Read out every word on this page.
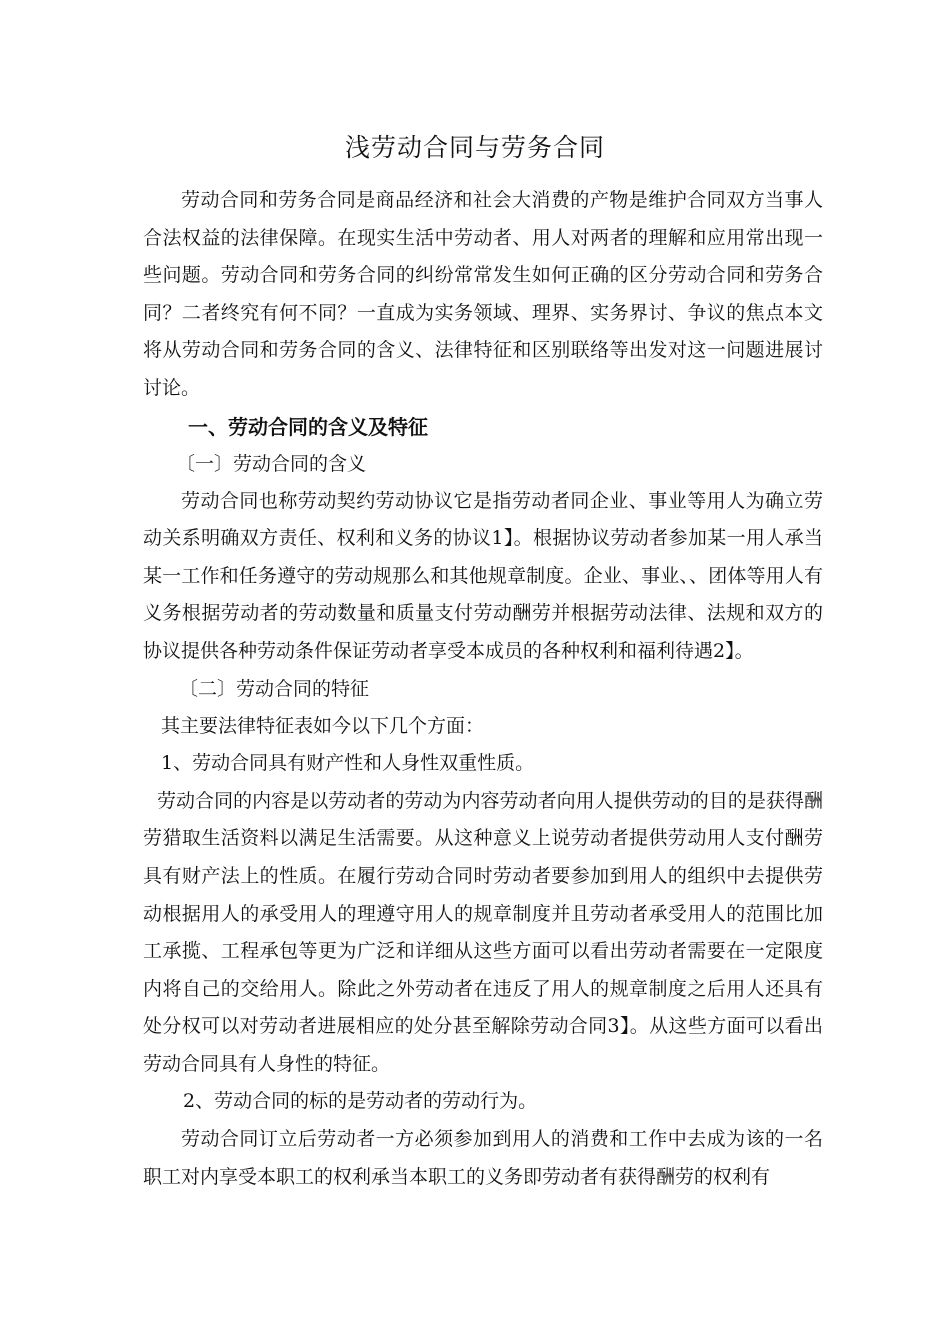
浅劳动合同与劳务合同

劳动合同和劳务合同是商品经济和社会大消费的产物是维护合同双方当事人合法权益的法律保障。在现实生活中劳动者、用人对两者的理解和应用常出现一些问题。劳动合同和劳务合同的纠纷常常发生如何正确的区分劳动合同和劳务合同？二者终究有何不同？一直成为实务领域、理界、实务界讨、争议的焦点本文将从劳动合同和劳务合同的含义、法律特征和区别联络等出发对这一问题进展讨讨论。

一、劳动合同的含义及特征
〔一〕劳动合同的含义

劳动合同也称劳动契约劳动协议它是指劳动者同企业、事业等用人为确立劳动关系明确双方责任、权利和义务的协议1】。根据协议劳动者参加某一用人承当某一工作和任务遵守的劳动规那么和其他规章制度。企业、事业、、团体等用人有义务根据劳动者的劳动数量和质量支付劳动酬劳并根据劳动法律、法规和双方的协议提供各种劳动条件保证劳动者享受本成员的各种权利和福利待遇2】。

〔二〕劳动合同的特征

其主要法律特征表如今以下几个方面：

1、劳动合同具有财产性和人身性双重性质。

劳动合同的内容是以劳动者的劳动为内容劳动者向用人提供劳动的目的是获得酬劳猎取生活资料以满足生活需要。从这种意义上说劳动者提供劳动用人支付酬劳具有财产法上的性质。在履行劳动合同时劳动者要参加到用人的组织中去提供劳动根据用人的承受用人的理遵守用人的规章制度并且劳动者承受用人的范围比加工承揽、工程承包等更为广泛和详细从这些方面可以看出劳动者需要在一定限度内将自己的交给用人。除此之外劳动者在违反了用人的规章制度之后用人还具有处分权可以对劳动者进展相应的处分甚至解除劳动合同3】。从这些方面可以看出劳动合同具有人身性的特征。

2、劳动合同的标的是劳动者的劳动行为。

劳动合同订立后劳动者一方必须参加到用人的消费和工作中去成为该的一名职工对内享受本职工的权利承当本职工的义务即劳动者有获得酬劳的权利有
